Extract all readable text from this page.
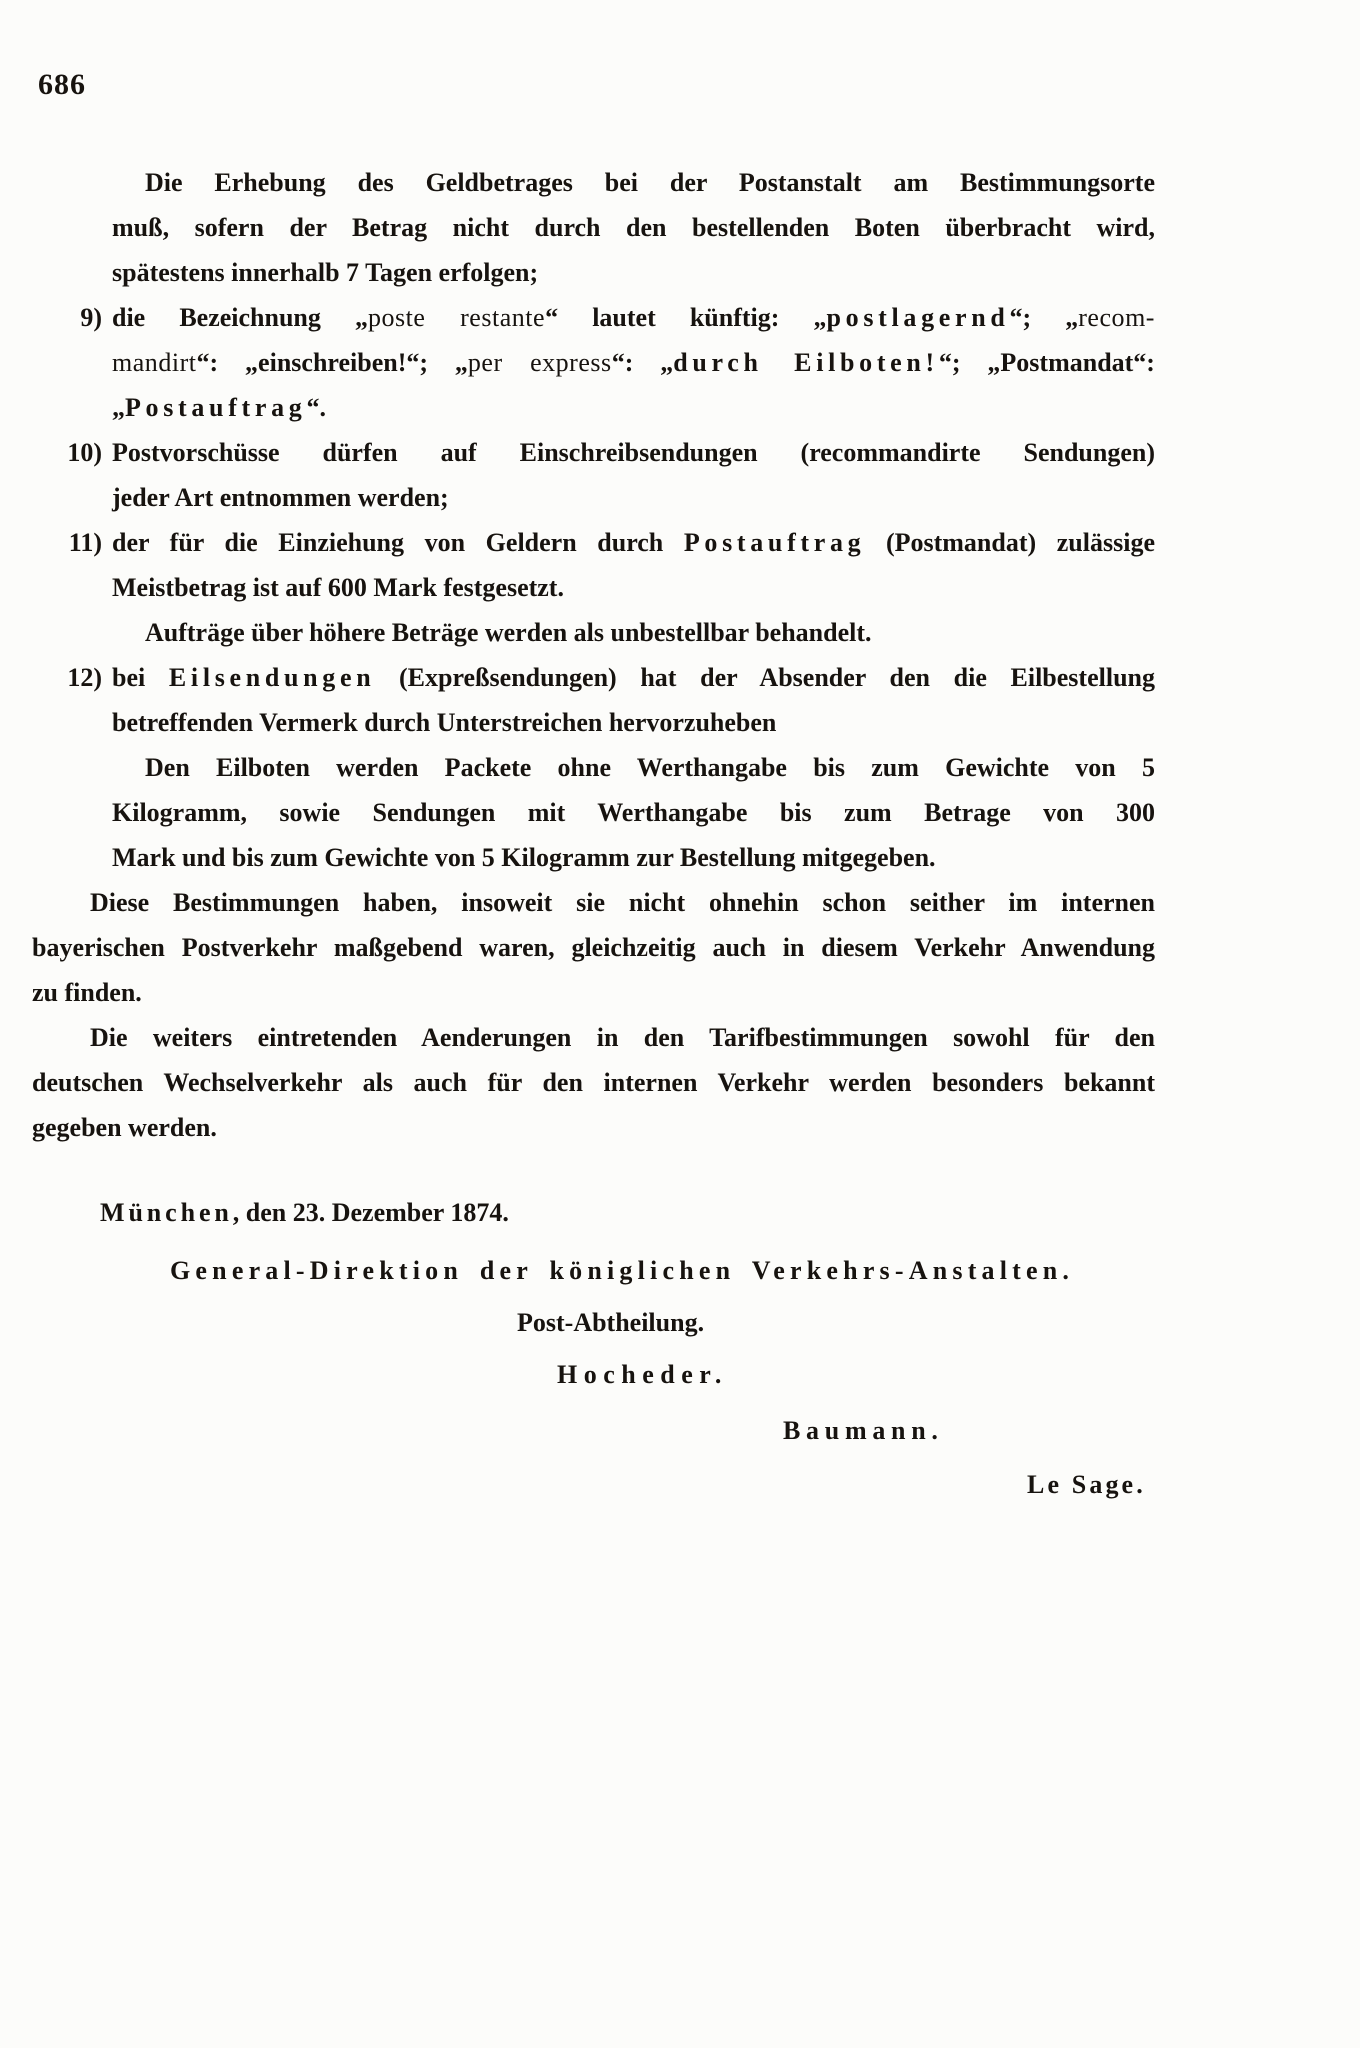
686
Die Erhebung des Geldbetrages bei der Postanstalt am Bestimmungsorte
muß, sofern der Betrag nicht durch den bestellenden Boten überbracht wird,
spätestens innerhalb 7 Tagen erfolgen;
9) die Bezeichnung „poste restante“ lautet künftig: „postlagernd“; „recom-
mandirt“: „einschreiben!“; „per express“: „durch Eilboten!“; „Postmandat“:
„Postauftrag“.
10) Postvorschüsse dürfen auf Einschreibsendungen (recommandirte Sendungen)
jeder Art entnommen werden;
11) der für die Einziehung von Geldern durch Postauftrag (Postmandat) zulässige
Meistbetrag ist auf 600 Mark festgesetzt.
Aufträge über höhere Beträge werden als unbestellbar behandelt.
12) bei Eilsendungen (Expreßsendungen) hat der Absender den die Eilbestellung
betreffenden Vermerk durch Unterstreichen hervorzuheben
Den Eilboten werden Packete ohne Werthangabe bis zum Gewichte von 5
Kilogramm, sowie Sendungen mit Werthangabe bis zum Betrage von 300
Mark und bis zum Gewichte von 5 Kilogramm zur Bestellung mitgegeben.
Diese Bestimmungen haben, insoweit sie nicht ohnehin schon seither im internen
bayerischen Postverkehr maßgebend waren, gleichzeitig auch in diesem Verkehr Anwendung
zu finden.
Die weiters eintretenden Aenderungen in den Tarifbestimmungen sowohl für den
deutschen Wechselverkehr als auch für den internen Verkehr werden besonders bekannt
gegeben werden.
München, den 23. Dezember 1874.
General-Direktion der königlichen Verkehrs-Anstalten.
Post-Abtheilung.
Hocheder.
Baumann.
Le Sage.
